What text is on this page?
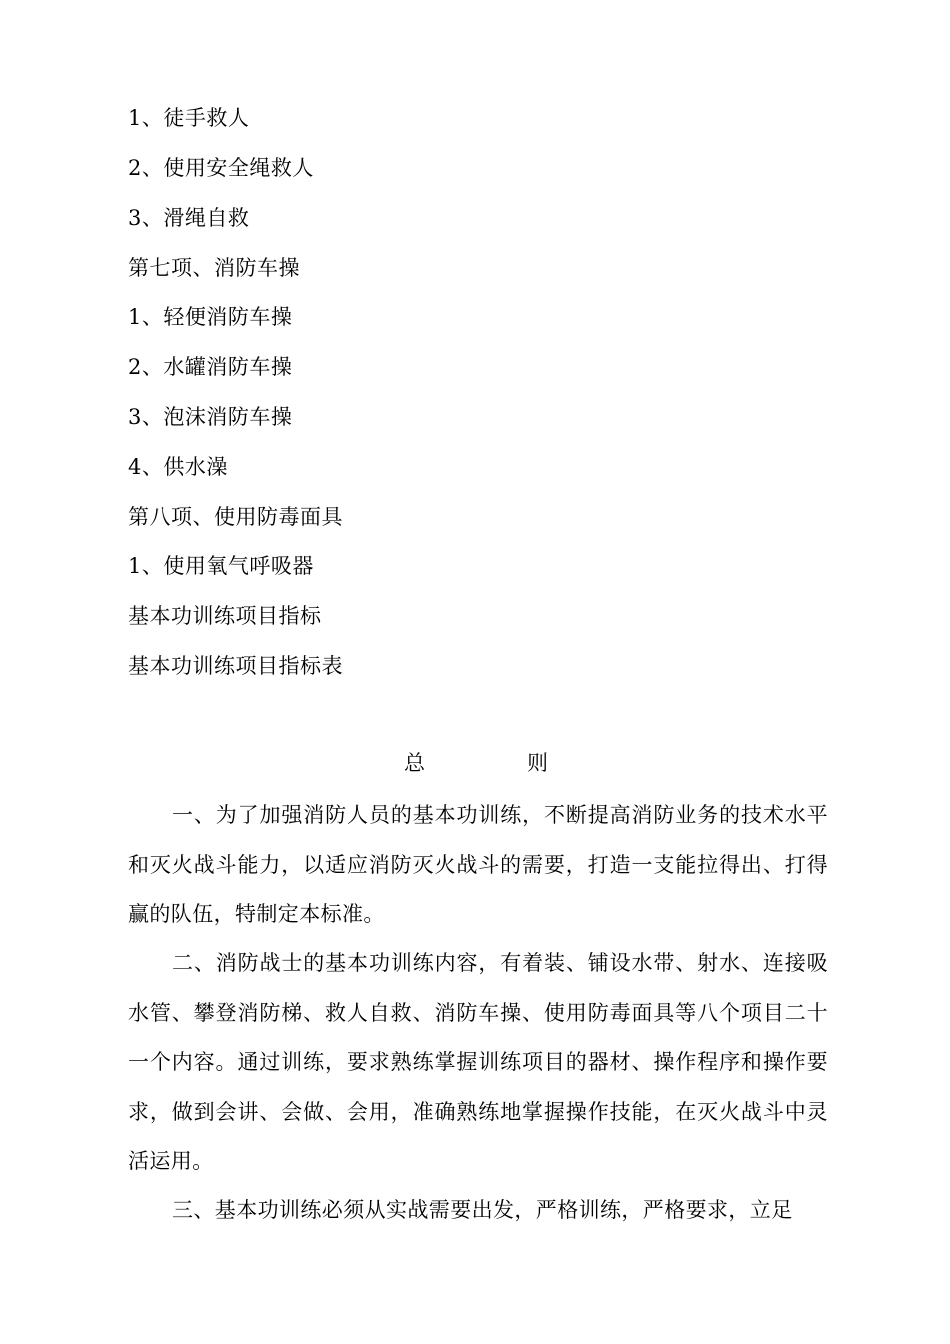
1、徒手救人
2、使用安全绳救人
3、滑绳自救
第七项、消防车操
1、轻便消防车操
2、水罐消防车操
3、泡沫消防车操
4、供水澡
第八项、使用防毒面具
1、使用氧气呼吸器
基本功训练项目指标
基本功训练项目指标表
总	则
一、为了加强消防人员的基本功训练，不断提高消防业务的技术水平和灭火战斗能力，以适应消防灭火战斗的需要，打造一支能拉得出、打得赢的队伍，特制定本标准。
二、消防战士的基本功训练内容，有着装、铺设水带、射水、连接吸水管、攀登消防梯、救人自救、消防车操、使用防毒面具等八个项目二十一个内容。通过训练，要求熟练掌握训练项目的器材、操作程序和操作要求，做到会讲、会做、会用，准确熟练地掌握操作技能，在灭火战斗中灵活运用。
三、基本功训练必须从实战需要出发，严格训练，严格要求，立足
